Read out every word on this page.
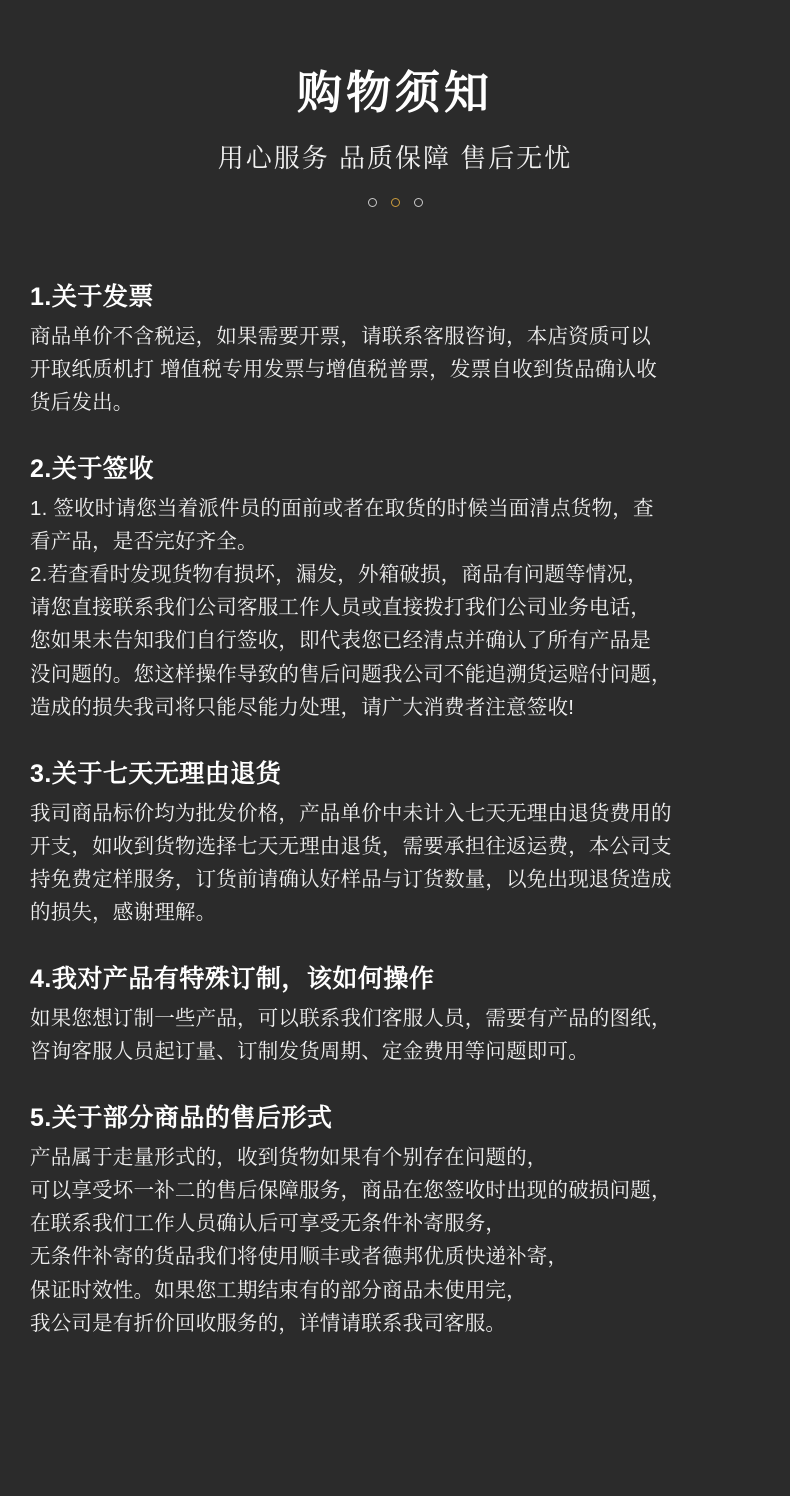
购物须知
用心服务 品质保障 售后无忧
1.关于发票
商品单价不含税运，如果需要开票，请联系客服咨询，本店资质可以
开取纸质机打 增值税专用发票与增值税普票，发票自收到货品确认收
货后发出。
2.关于签收
1. 签收时请您当着派件员的面前或者在取货的时候当面清点货物，查
看产品，是否完好齐全。
2.若查看时发现货物有损坏，漏发，外箱破损，商品有问题等情况，
请您直接联系我们公司客服工作人员或直接拨打我们公司业务电话，
您如果未告知我们自行签收，即代表您已经清点并确认了所有产品是
没问题的。您这样操作导致的售后问题我公司不能追溯货运赔付问题，
造成的损失我司将只能尽能力处理，请广大消费者注意签收!
3.关于七天无理由退货
我司商品标价均为批发价格，产品单价中未计入七天无理由退货费用的
开支，如收到货物选择七天无理由退货，需要承担往返运费，本公司支
持免费定样服务，订货前请确认好样品与订货数量，以免出现退货造成
的损失，感谢理解。
4.我对产品有特殊订制，该如何操作
如果您想订制一些产品，可以联系我们客服人员，需要有产品的图纸，
咨询客服人员起订量、订制发货周期、定金费用等问题即可。
5.关于部分商品的售后形式
产品属于走量形式的，收到货物如果有个别存在问题的，
可以享受坏一补二的售后保障服务，商品在您签收时出现的破损问题，
在联系我们工作人员确认后可享受无条件补寄服务，
无条件补寄的货品我们将使用顺丰或者德邦优质快递补寄，
保证时效性。如果您工期结束有的部分商品未使用完，
我公司是有折价回收服务的，详情请联系我司客服。
